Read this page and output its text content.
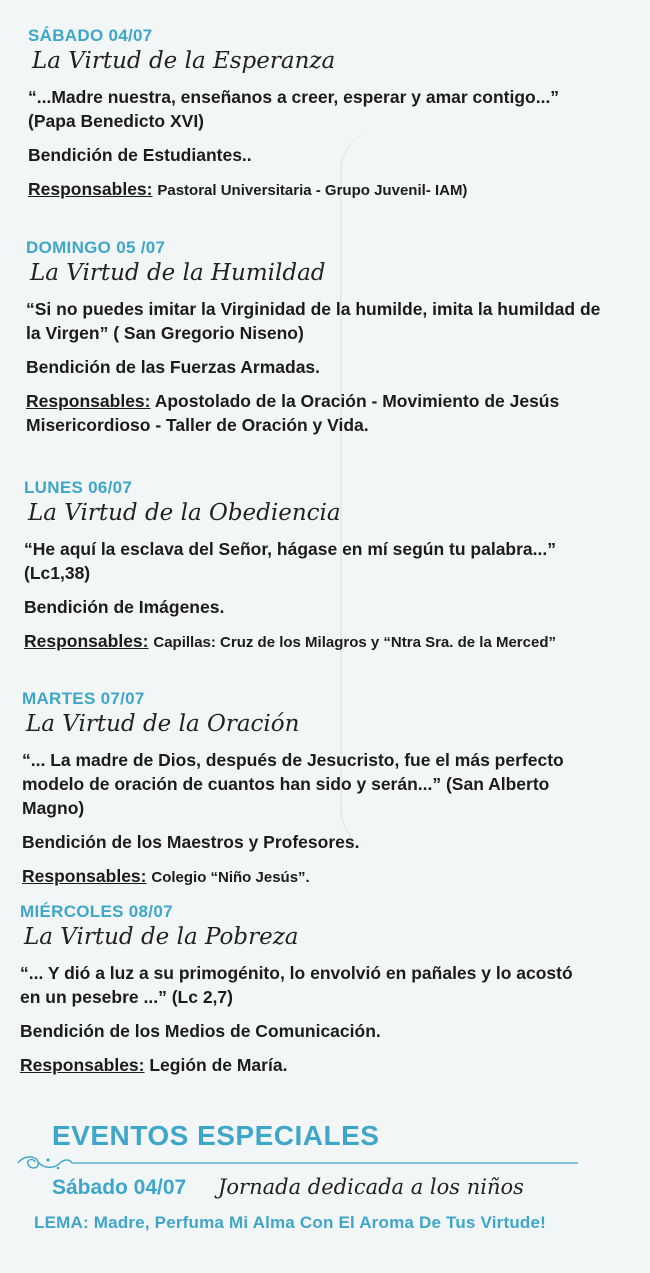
SÁBADO 04/07
La Virtud de la Esperanza
“...Madre nuestra, enseñanos a creer, esperar y amar contigo...” (Papa Benedicto XVI)
Bendición de Estudiantes..
Responsables: Pastoral Universitaria - Grupo Juvenil- IAM)
DOMINGO 05 /07
La Virtud de la Humildad
“Si no puedes imitar la Virginidad de la humilde, imita la humildad de la Virgen” ( San Gregorio Niseno)
Bendición de las Fuerzas Armadas.
Responsables: Apostolado de la Oración - Movimiento de Jesús Misericordioso - Taller de Oración y Vida.
LUNES 06/07
La Virtud de la Obediencia
“He aquí la esclava del Señor, hágase en mí según tu palabra...” (Lc1,38)
Bendición de Imágenes.
Responsables: Capillas: Cruz de los Milagros y “Ntra Sra. de la Merced”
MARTES 07/07
La Virtud de la Oración
“... La madre de Dios, después de Jesucristo, fue el más perfecto modelo de oración de cuantos han sido y serán...” (San Alberto Magno)
Bendición de los Maestros y Profesores.
Responsables: Colegio “Niño Jesús”.
MIÉRCOLES 08/07
La Virtud de la Pobreza
“... Y dió a luz a su primogénito, lo envolvió en pañales y lo acostó en un pesebre ...” (Lc 2,7)
Bendición de los Medios de Comunicación.
Responsables: Legión de María.
EVENTOS ESPECIALES
Sábado 04/07 Jornada dedicada a los niños
LEMA: Madre, Perfuma Mi Alma Con El Aroma De Tus Virtude!
